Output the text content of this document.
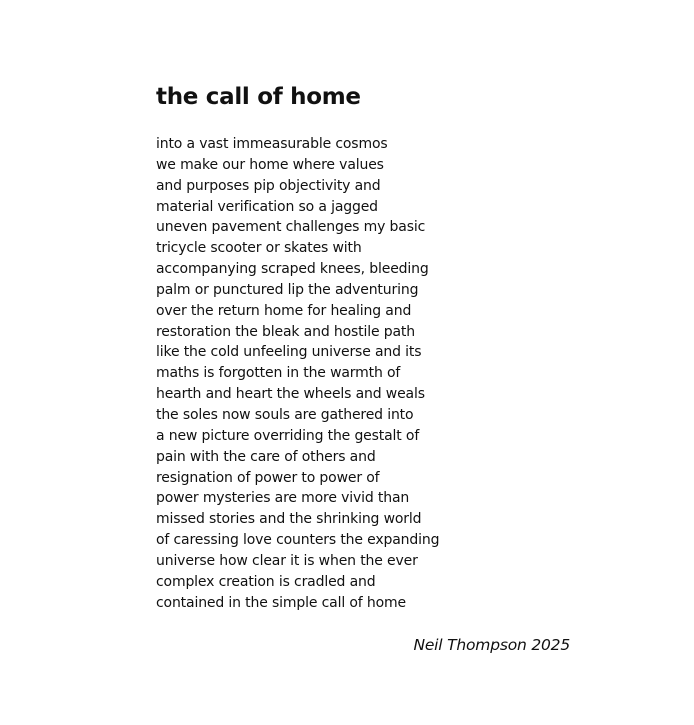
the call of home
into a vast immeasurable cosmos
we make our home where values
and purposes pip objectivity and
material verification so a jagged
uneven pavement challenges my basic
tricycle scooter or skates with
accompanying scraped knees, bleeding
palm or punctured lip the adventuring
over the return home for healing and
restoration the bleak and hostile path
like the cold unfeeling universe and its
maths is forgotten in the warmth of
hearth and heart the wheels and weals
the soles now souls are gathered into
a new picture overriding the gestalt of
pain with the care of others and
resignation of power to power of
power mysteries are more vivid than
missed stories and the shrinking world
of caressing love counters the expanding
universe how clear it is when the ever
complex creation is cradled and
contained in the simple call of home
Neil Thompson 2025
